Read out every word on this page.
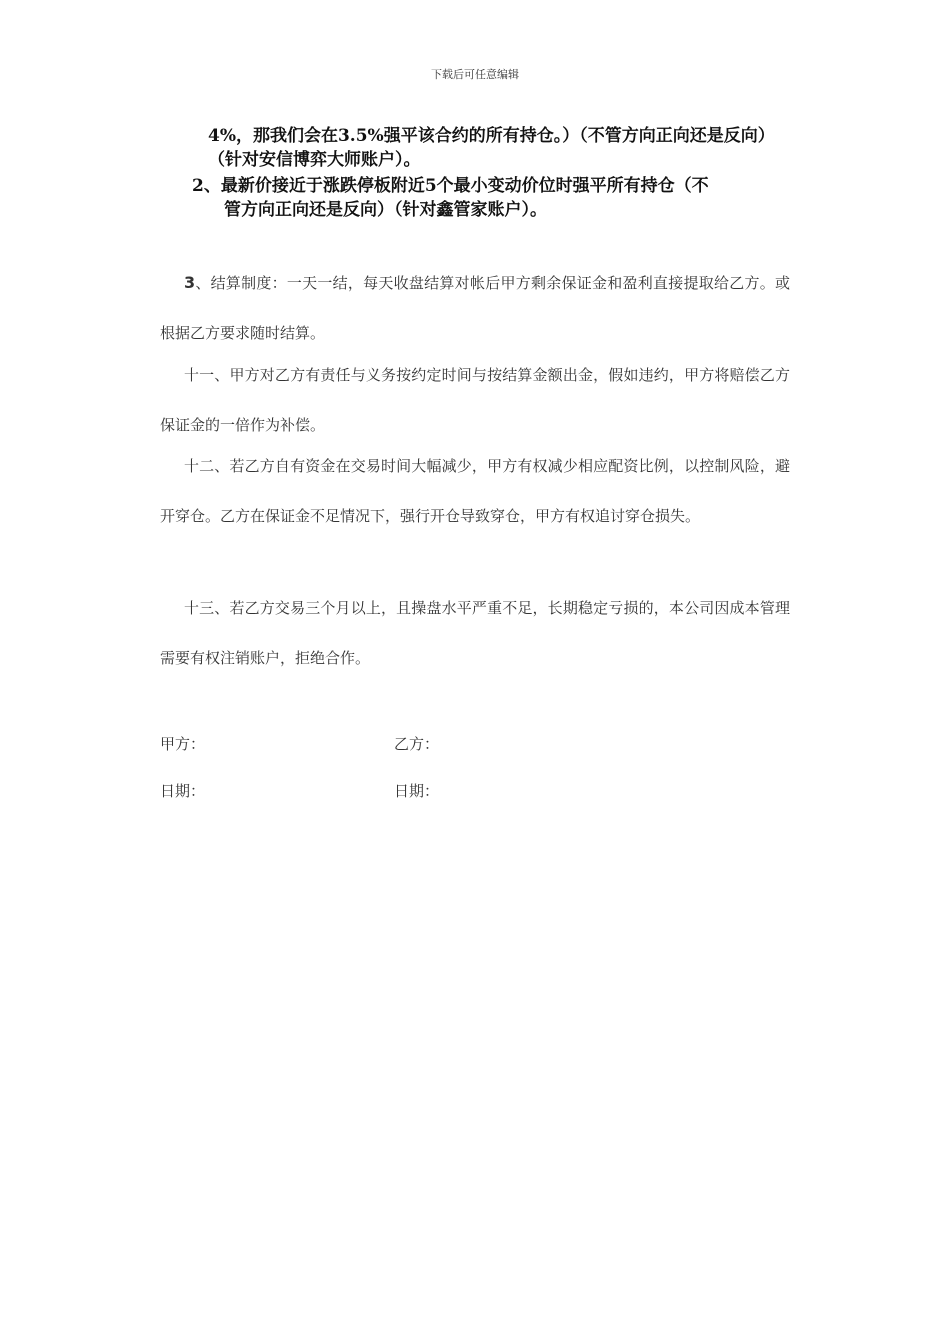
下载后可任意编辑
4%，那我们会在3.5%强平该合约的所有持仓。）（不管方向正向还是反向）（针对安信博弈大师账户）。
2、最新价接近于涨跌停板附近5个最小变动价位时强平所有持仓（不
管方向正向还是反向）（针对鑫管家账户）。
3、结算制度：一天一结，每天收盘结算对帐后甲方剩余保证金和盈利直接提取给乙方。或根据乙方要求随时结算。
十一、甲方对乙方有责任与义务按约定时间与按结算金额出金，假如违约，甲方将赔偿乙方保证金的一倍作为补偿。
十二、若乙方自有资金在交易时间大幅减少，甲方有权减少相应配资比例，以控制风险，避开穿仓。乙方在保证金不足情况下，强行开仓导致穿仓，甲方有权追讨穿仓损失。
十三、若乙方交易三个月以上，且操盘水平严重不足，长期稳定亏损的，本公司因成本管理需要有权注销账户，拒绝合作。
甲方：	乙方：
日期：	日期：
